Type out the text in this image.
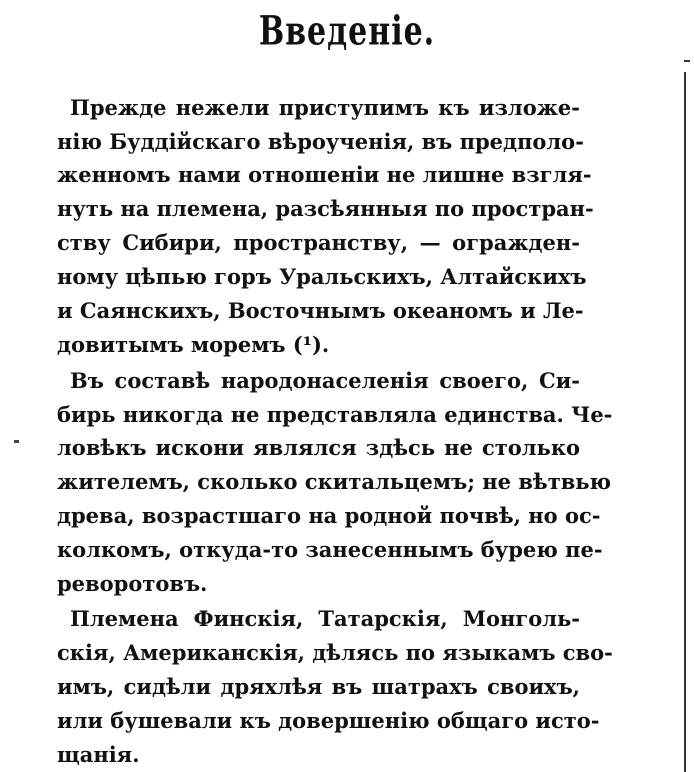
Введеніе.
Прежде нежели приступимъ къ изложе-
нію Буддійскаго вѣроученія, въ предполо-
женномъ нами отношеніи не лишне взгля-
нуть на племена, разсѣянныя по простран-
ству Сибири, пространству, — огражден-
ному цѣпью горъ Уральскихъ, Алтайскихъ
и Саянскихъ, Восточнымъ океаномъ и Ле-
довитымъ моремъ (¹).
Въ составѣ народонаселенія своего, Си-
бирь никогда не представляла единства. Че-
ловѣкъ искони являлся здѣсь не столько
жителемъ, сколько скитальцемъ; не вѣтвью
древа, возрастшаго на родной почвѣ, но ос-
колкомъ, откуда-то занесеннымъ бурею пе-
реворотовъ.
Племена Финскія, Татарскія, Монголь-
скія, Американскія, дѣлясь по языкамъ сво-
имъ, сидѣли дряхлѣя въ шатрахъ своихъ,
или бушевали къ довершенію общаго исто-
щанія.
